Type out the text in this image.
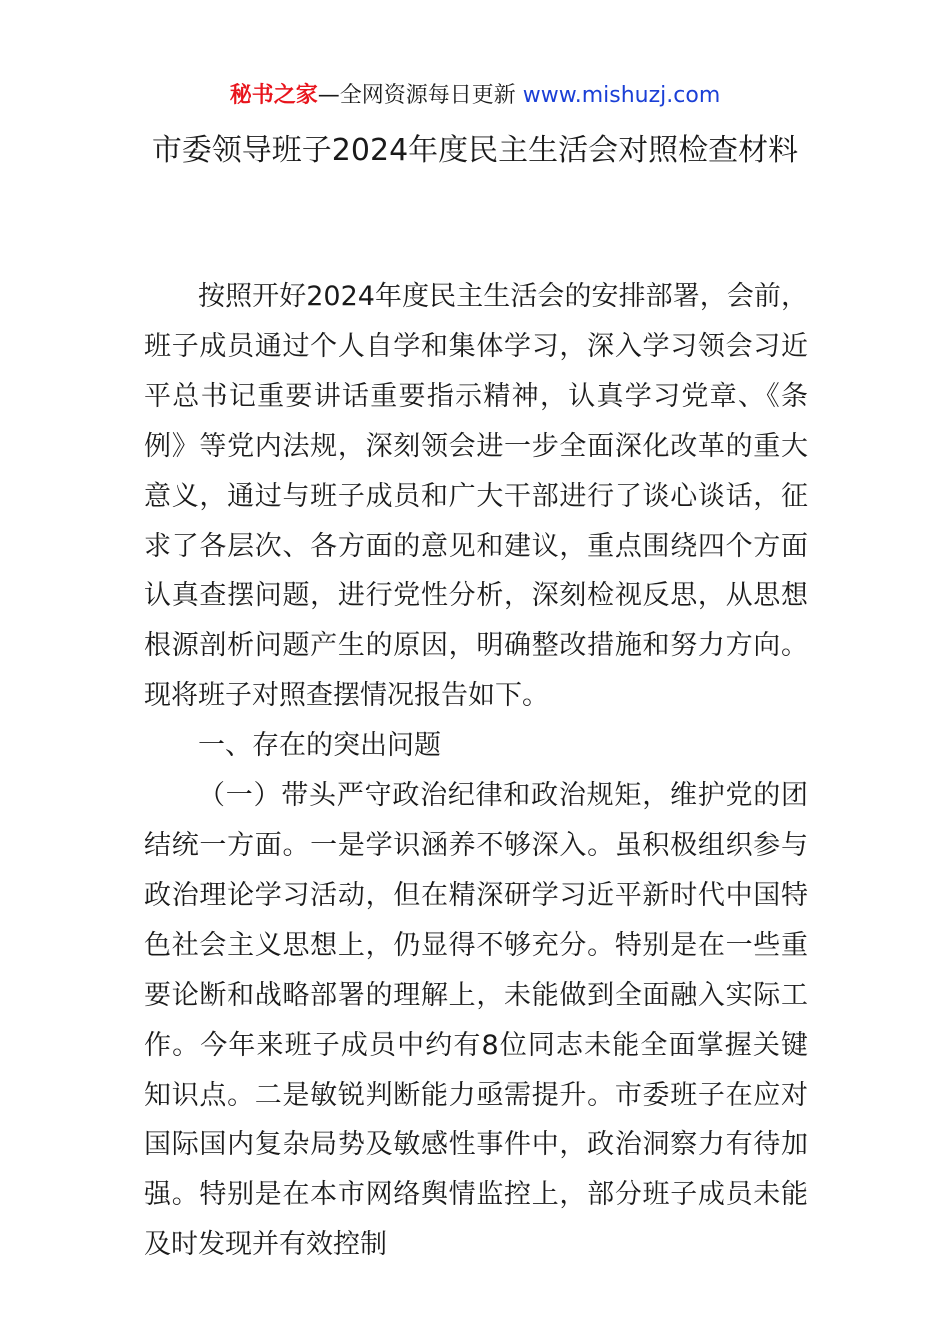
秘书之家—全网资源每日更新 www.mishuzj.com
市委领导班子2024年度民主生活会对照检查材料

按照开好2024年度民主生活会的安排部署，会前，班子成员通过个人自学和集体学习，深入学习领会习近平总书记重要讲话重要指示精神，认真学习党章、《条例》等党内法规，深刻领会进一步全面深化改革的重大意义，通过与班子成员和广大干部进行了谈心谈话，征求了各层次、各方面的意见和建议，重点围绕四个方面认真查摆问题，进行党性分析，深刻检视反思，从思想根源剖析问题产生的原因，明确整改措施和努力方向。现将班子对照查摆情况报告如下。

一、存在的突出问题

（一）带头严守政治纪律和政治规矩，维护党的团结统一方面。一是学识涵养不够深入。虽积极组织参与政治理论学习活动，但在精深研学习近平新时代中国特色社会主义思想上，仍显得不够充分。特别是在一些重要论断和战略部署的理解上，未能做到全面融入实际工作。今年来班子成员中约有8位同志未能全面掌握关键知识点。二是敏锐判断能力亟需提升。市委班子在应对国际国内复杂局势及敏感性事件中，政治洞察力有待加强。特别是在本市网络舆情监控上，部分班子成员未能及时发现并有效控制
